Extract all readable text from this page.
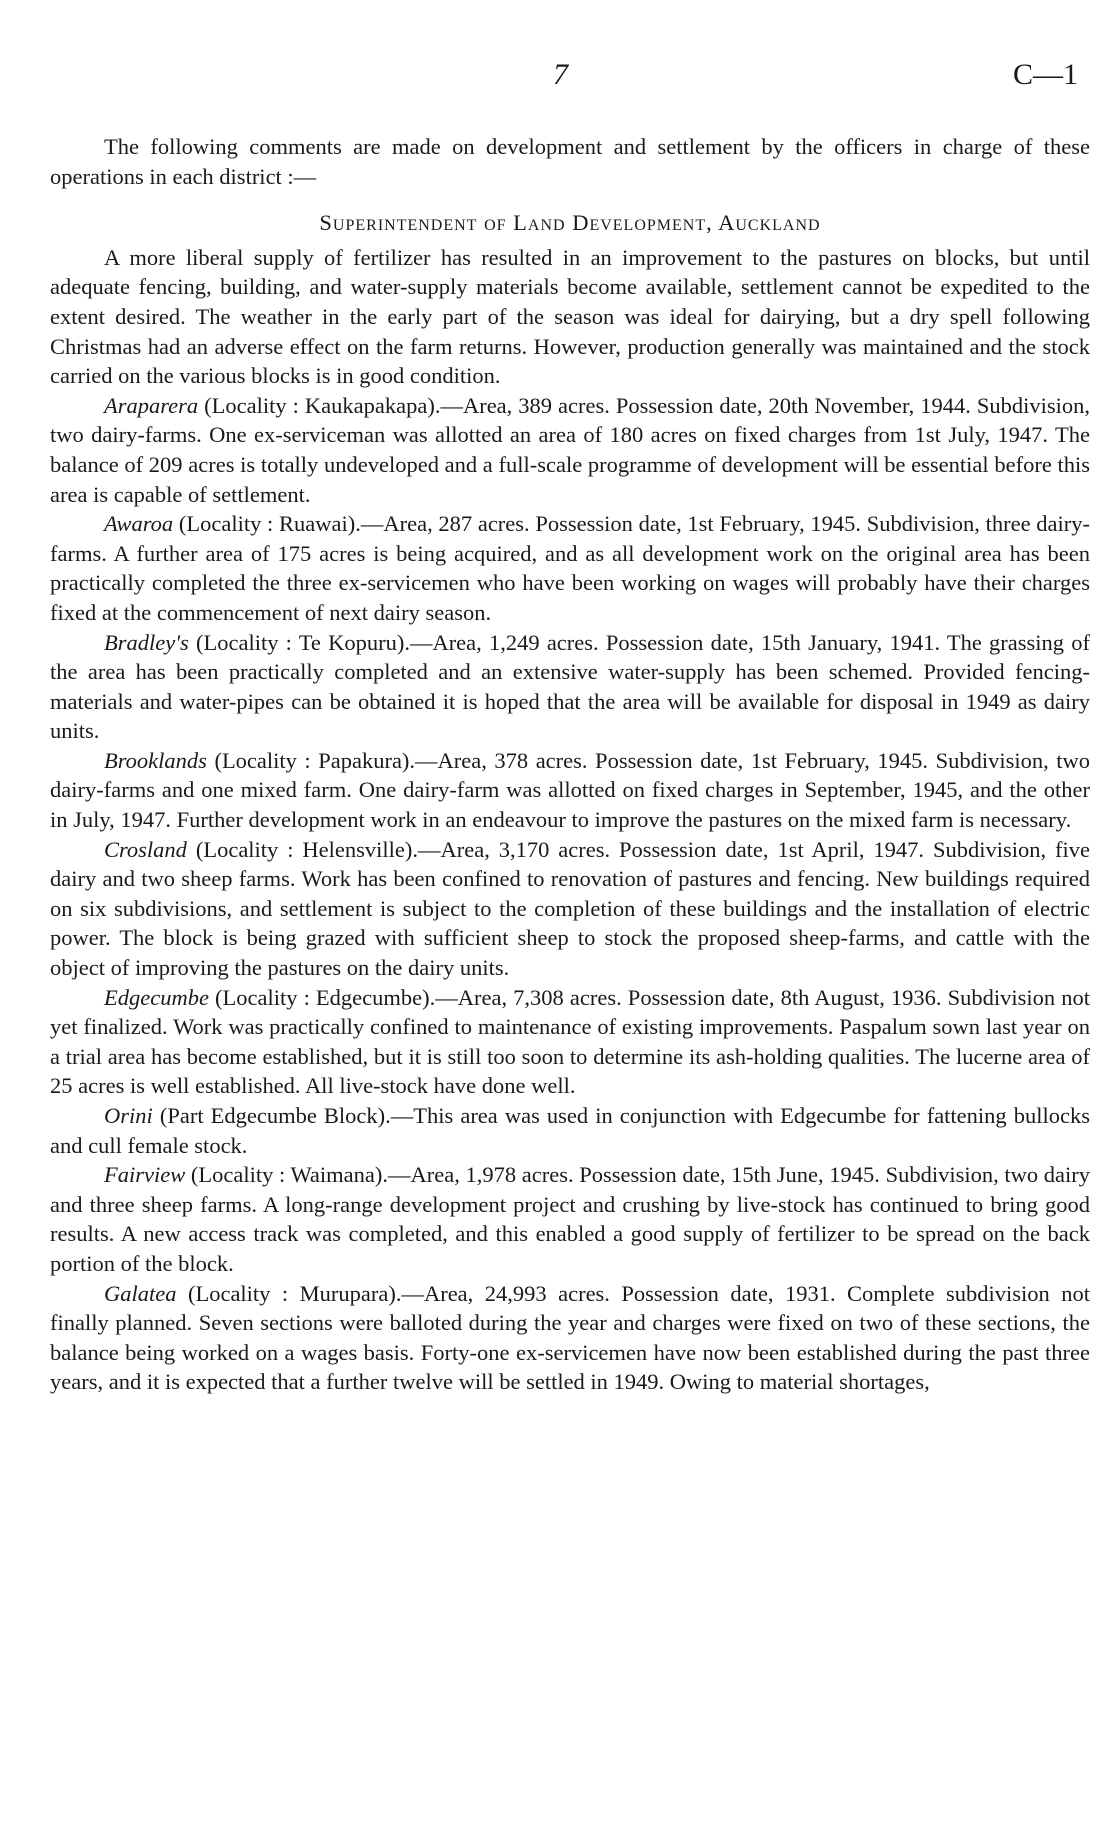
7	C—1

The following comments are made on development and settlement by the officers in charge of these operations in each district :—

Superintendent of Land Development, Auckland

A more liberal supply of fertilizer has resulted in an improvement to the pastures on blocks, but until adequate fencing, building, and water-supply materials become available, settlement cannot be expedited to the extent desired. The weather in the early part of the season was ideal for dairying, but a dry spell following Christmas had an adverse effect on the farm returns. However, production generally was maintained and the stock carried on the various blocks is in good condition.

Araparera (Locality : Kaukapakapa).—Area, 389 acres. Possession date, 20th November, 1944. Subdivision, two dairy-farms. One ex-serviceman was allotted an area of 180 acres on fixed charges from 1st July, 1947. The balance of 209 acres is totally undeveloped and a full-scale programme of development will be essential before this area is capable of settlement.

Awaroa (Locality : Ruawai).—Area, 287 acres. Possession date, 1st February, 1945. Subdivision, three dairy-farms. A further area of 175 acres is being acquired, and as all development work on the original area has been practically completed the three ex-servicemen who have been working on wages will probably have their charges fixed at the commencement of next dairy season.

Bradley's (Locality : Te Kopuru).—Area, 1,249 acres. Possession date, 15th January, 1941. The grassing of the area has been practically completed and an extensive water-supply has been schemed. Provided fencing-materials and water-pipes can be obtained it is hoped that the area will be available for disposal in 1949 as dairy units.

Brooklands (Locality : Papakura).—Area, 378 acres. Possession date, 1st February, 1945. Subdivision, two dairy-farms and one mixed farm. One dairy-farm was allotted on fixed charges in September, 1945, and the other in July, 1947. Further development work in an endeavour to improve the pastures on the mixed farm is necessary.

Crosland (Locality : Helensville).—Area, 3,170 acres. Possession date, 1st April, 1947. Subdivision, five dairy and two sheep farms. Work has been confined to renovation of pastures and fencing. New buildings required on six subdivisions, and settlement is subject to the completion of these buildings and the installation of electric power. The block is being grazed with sufficient sheep to stock the proposed sheep-farms, and cattle with the object of improving the pastures on the dairy units.

Edgecumbe (Locality : Edgecumbe).—Area, 7,308 acres. Possession date, 8th August, 1936. Subdivision not yet finalized. Work was practically confined to maintenance of existing improvements. Paspalum sown last year on a trial area has become established, but it is still too soon to determine its ash-holding qualities. The lucerne area of 25 acres is well established. All live-stock have done well.

Orini (Part Edgecumbe Block).—This area was used in conjunction with Edgecumbe for fattening bullocks and cull female stock.

Fairview (Locality : Waimana).—Area, 1,978 acres. Possession date, 15th June, 1945. Subdivision, two dairy and three sheep farms. A long-range development project and crushing by live-stock has continued to bring good results. A new access track was completed, and this enabled a good supply of fertilizer to be spread on the back portion of the block.

Galatea (Locality : Murupara).—Area, 24,993 acres. Possession date, 1931. Complete subdivision not finally planned. Seven sections were balloted during the year and charges were fixed on two of these sections, the balance being worked on a wages basis. Forty-one ex-servicemen have now been established during the past three years, and it is expected that a further twelve will be settled in 1949. Owing to material shortages,
